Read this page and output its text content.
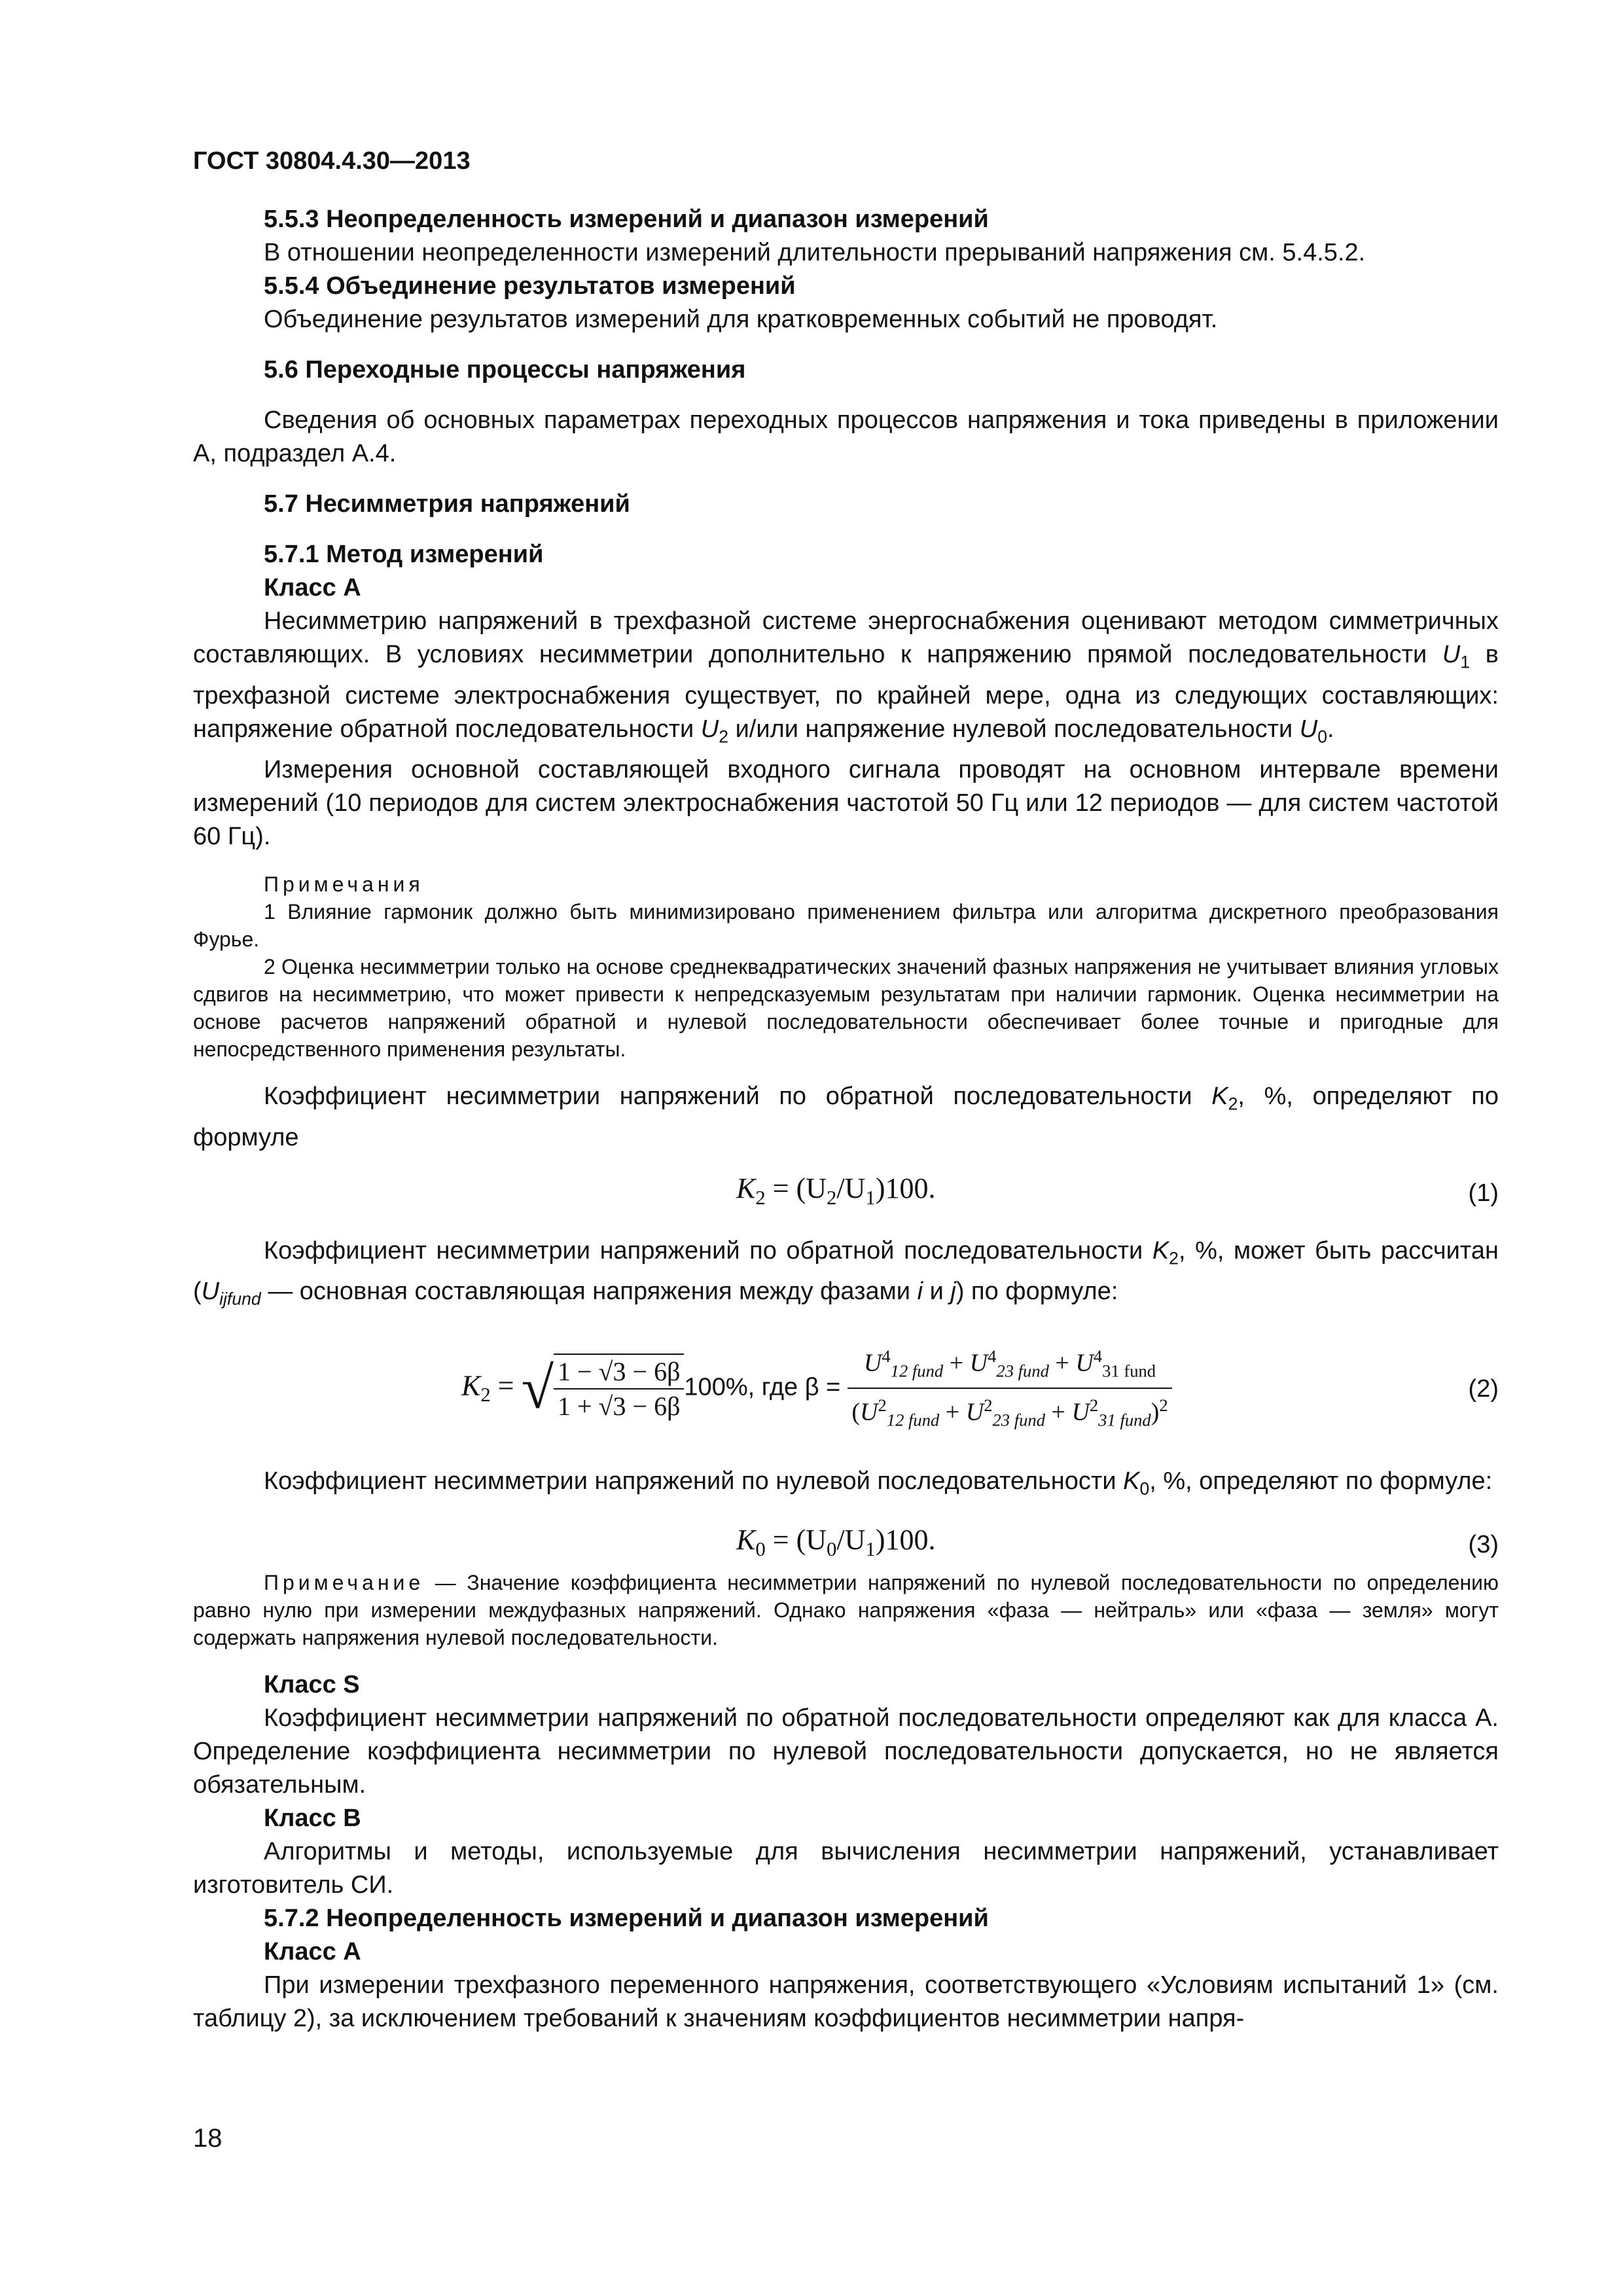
ГОСТ 30804.4.30—2013

5.5.3 Неопределенность измерений и диапазон измерений

В отношении неопределенности измерений длительности прерываний напряжения см. 5.4.5.2.

5.5.4 Объединение результатов измерений

Объединение результатов измерений для кратковременных событий не проводят.

5.6 Переходные процессы напряжения

Сведения об основных параметрах переходных процессов напряжения и тока приведены в приложении А, подраздел А.4.

5.7 Несимметрия напряжений

5.7.1 Метод измерений

Класс А

Несимметрию напряжений в трехфазной системе энергоснабжения оценивают методом симметричных составляющих. В условиях несимметрии дополнительно к напряжению прямой последовательности $U_1$ в трехфазной системе электроснабжения существует, по крайней мере, одна из следующих составляющих: напряжение обратной последовательности $U_2$ и/или напряжение нулевой последовательности $U_0$.

Измерения основной составляющей входного сигнала проводят на основном интервале времени измерений (10 периодов для систем электроснабжения частотой 50 Гц или 12 периодов — для систем частотой 60 Гц).

Примечания

1 Влияние гармоник должно быть минимизировано применением фильтра или алгоритма дискретного преобразования Фурье.

2 Оценка несимметрии только на основе среднеквадратических значений фазных напряжения не учитывает влияния угловых сдвигов на несимметрию, что может привести к непредсказуемым результатам при наличии гармоник. Оценка несимметрии на основе расчетов напряжений обратной и нулевой последовательности обеспечивает более точные и пригодные для непосредственного применения результаты.

Коэффициент несимметрии напряжений по обратной последовательности $K_2$, %, определяют по формуле

$K_2 = (U_2/U_1)100$.	(1)

Коэффициент несимметрии напряжений по обратной последовательности $K_2$, %, может быть рассчитан ($U_{ijfund}$ — основная составляющая напряжения между фазами i и j) по формуле:

$K_2$ = √ $\frac{1 - √3 - 6\beta}{1 + √3 - 6\beta} 100\%$, где $\beta = \frac{U^4_{12 fund} + U^4_{23 fund} + U^4_{31 fund}}{(U^2_{12 fund} + U^2_{23 fund} + U^2_{31 fund})^2}$	(2)

Коэффициент несимметрии напряжений по нулевой последовательности $K_0$, %, определяют по формуле:

$K_0 = (U_0/U_1)100$.	(3)

Примечание — Значение коэффициента несимметрии напряжений по нулевой последовательности по определению равно нулю при измерении междуфазных напряжений. Однако напряжения «фаза — нейтраль» или «фаза — земля» могут содержать напряжения нулевой последовательности.

Класс S

Коэффициент несимметрии напряжений по обратной последовательности определяют как для класса А. Определение коэффициента несимметрии по нулевой последовательности допускается, но не является обязательным.

Класс В

Алгоритмы и методы, используемые для вычисления несимметрии напряжений, устанавливает изготовитель СИ.

5.7.2 Неопределенность измерений и диапазон измерений

Класс А

При измерении трехфазного переменного напряжения, соответствующего «Условиям испытаний 1» (см. таблицу 2), за исключением требований к значениям коэффициентов несимметрии напря-

18
